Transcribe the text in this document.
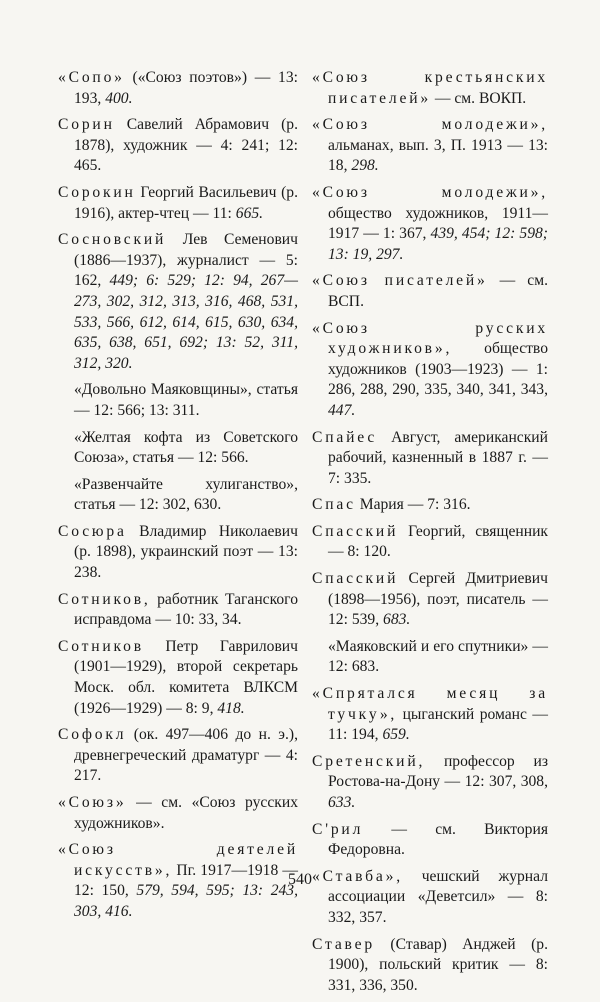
«Сопо» («Союз поэтов») — 13: 193, 400.
Сорин Савелий Абрамович (р. 1878), художник — 4: 241; 12: 465.
Сорокин Георгий Васильевич (р. 1916), актер-чтец — 11: 665.
Сосновский Лев Семенович (1886—1937), журналист — 5: 162, 449; 6: 529; 12: 94, 267—273, 302, 312, 313, 316, 468, 531, 533, 566, 612, 614, 615, 630, 634, 635, 638, 651, 692; 13: 52, 311, 312, 320.
«Довольно Маяковщины», статья — 12: 566; 13: 311.
«Желтая кофта из Советского Союза», статья — 12: 566.
«Развенчайте хулиганство», статья — 12: 302, 630.
Сосюра Владимир Николаевич (р. 1898), украинский поэт — 13: 238.
Сотников, работник Таганского исправдома — 10: 33, 34.
Сотников Петр Гаврилович (1901—1929), второй секретарь Моск. обл. комитета ВЛКСМ (1926—1929) — 8: 9, 418.
Софокл (ок. 497—406 до н. э.), древнегреческий драматург — 4: 217.
«Союз» — см. «Союз русских художников».
«Союз деятелей искусств», Пг. 1917—1918 — 12: 150, 579, 594, 595; 13: 243, 303, 416.
«Союз крестьянских писателей» — см. ВОКП.
«Союз молодежи», альманах, вып. 3, П. 1913 — 13: 18, 298.
«Союз молодежи», общество художников, 1911—1917 — 1: 367, 439, 454; 12: 598; 13: 19, 297.
«Союз писателей» — см. ВСП.
«Союз русских художников», общество художников (1903—1923) — 1: 286, 288, 290, 335, 340, 341, 343, 447.
Спайес Август, американский рабочий, казненный в 1887 г. — 7: 335.
Спас Мария — 7: 316.
Спасский Георгий, священник — 8: 120.
Спасский Сергей Дмитриевич (1898—1956), поэт, писатель — 12: 539, 683.
«Маяковский и его спутники» — 12: 683.
«Спрятался месяц за тучку», цыганский романс — 11: 194, 659.
Сретенский, профессор из Ростова-на-Дону — 12: 307, 308, 633.
С'рил — см. Виктория Федоровна.
«Ставба», чешский журнал ассоциации «Деветсил» — 8: 332, 357.
Ставер (Ставар) Анджей (р. 1900), польский критик — 8: 331, 336, 350.
540
